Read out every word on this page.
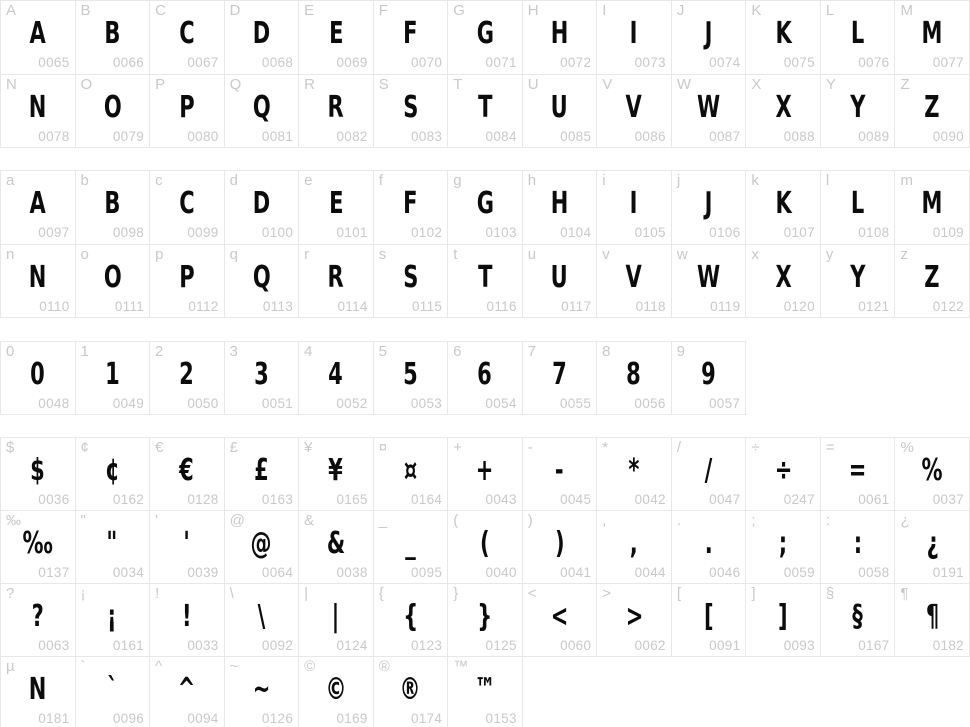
A
A
0065
B
B
0066
C
C
0067
D
D
0068
E
E
0069
F
F
0070
G
G
0071
H
H
0072
I
I
0073
J
J
0074
K
K
0075
L
L
0076
M
M
0077
N
N
0078
O
O
0079
P
P
0080
Q
Q
0081
R
R
0082
S
S
0083
T
T
0084
U
U
0085
V
V
0086
W
W
0087
X
X
0088
Y
Y
0089
Z
Z
0090
a
A
0097
b
B
0098
c
C
0099
d
D
0100
e
E
0101
f
F
0102
g
G
0103
h
H
0104
i
I
0105
j
J
0106
k
K
0107
l
L
0108
m
M
0109
n
N
0110
o
O
0111
p
P
0112
q
Q
0113
r
R
0114
s
S
0115
t
T
0116
u
U
0117
v
V
0118
w
W
0119
x
X
0120
y
Y
0121
z
Z
0122
0
0
0048
1
1
0049
2
2
0050
3
3
0051
4
4
0052
5
5
0053
6
6
0054
7
7
0055
8
8
0056
9
9
0057
$
$
0036
¢
¢
0162
€
€
0128
£
£
0163
¥
¥
0165
¤
¤
0164
+
+
0043
-
-
0045
*
*
0042
/
/
0047
÷
÷
0247
=
=
0061
%
%
0037
‰
‰
0137
"
"
0034
'
'
0039
@
@
0064
&
&
0038
_
_
0095
(
(
0040
)
)
0041
,
,
0044
.
.
0046
;
;
0059
:
:
0058
¿
¿
0191
?
?
0063
¡
¡
0161
!
!
0033
\
\
0092
|
|
0124
{
{
0123
}
}
0125
<
<
0060
>
>
0062
[
[
0091
]
]
0093
§
§
0167
¶
¶
0182
µ
N
0181
`
`
0096
^
^
0094
~
~
0126
©
©
0169
®
®
0174
™
™
0153
